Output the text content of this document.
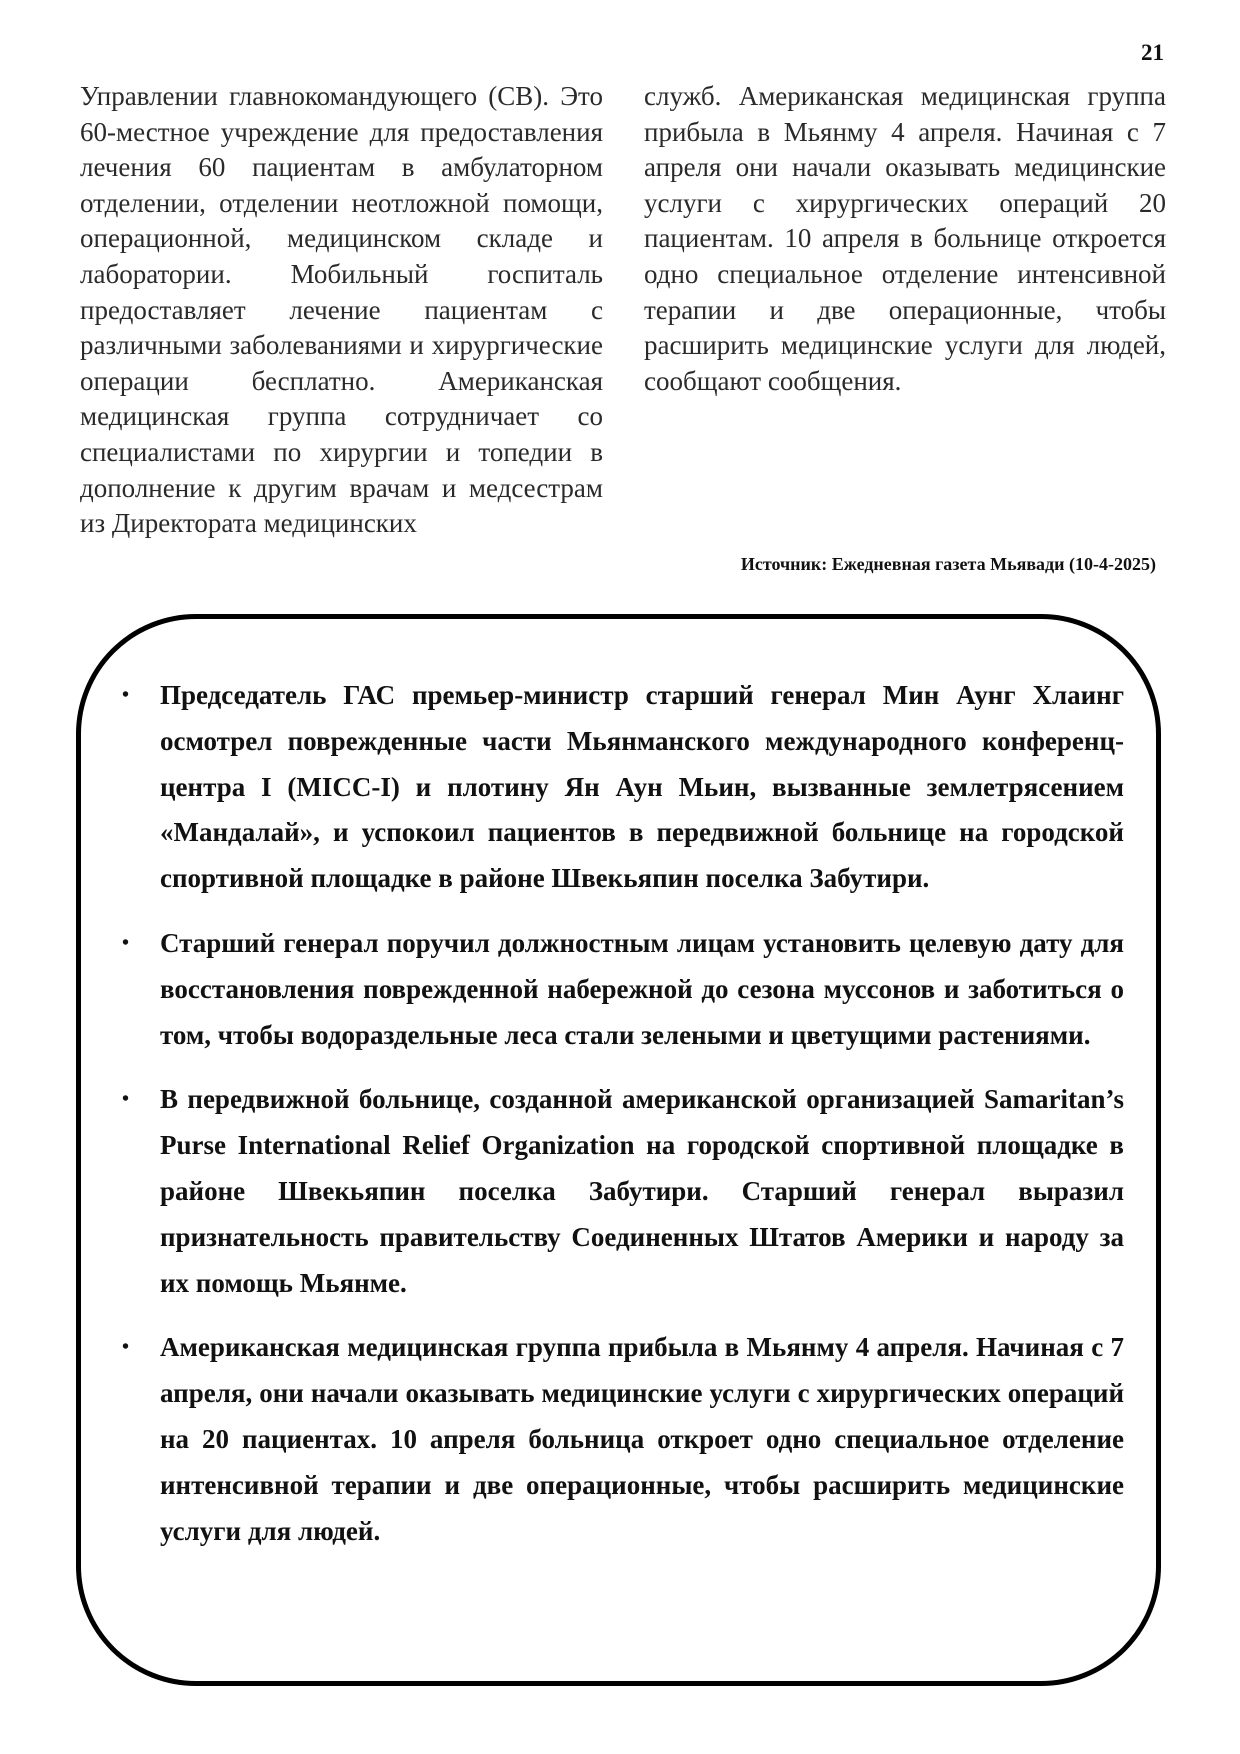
21
Управлении главнокомандующего (СВ). Это 60-местное учреждение для предоставления лечения 60 пациентам в амбулаторном отделении, отделении неотложной помощи, операционной, медицинском складе и лаборатории. Мобильный госпиталь предоставляет лечение пациентам с различными заболеваниями и хирургические операции бесплатно. Американская медицинская группа сотрудничает со специалистами по хирургии и топедии в дополнение к другим врачам и медсестрам из Директората медицинских
служб. Американская медицинская группа прибыла в Мьянму 4 апреля. Начиная с 7 апреля они начали оказывать медицинские услуги с хирургических операций 20 пациентам. 10 апреля в больнице откроется одно специальное отделение интенсивной терапии и две операционные, чтобы расширить медицинские услуги для людей, сообщают сообщения.
Источник: Ежедневная газета Мьявади (10-4-2025)
• Председатель ГАС премьер-министр старший генерал Мин Аунг Хлаинг осмотрел поврежденные части Мьянманского международного конференц-центра I (MICC-I) и плотину Ян Аун Мьин, вызванные землетрясением «Мандалай», и успокоил пациентов в передвижной больнице на городской спортивной площадке в районе Швекьяпин поселка Забутири.
• Старший генерал поручил должностным лицам установить целевую дату для восстановления поврежденной набережной до сезона муссонов и заботиться о том, чтобы водораздельные леса стали зелеными и цветущими растениями.
• В передвижной больнице, созданной американской организацией Samaritan’s Purse International Relief Organization на городской спортивной площадке в районе Швекьяпин поселка Забутири. Старший генерал выразил признательность правительству Соединенных Штатов Америки и народу за их помощь Мьянме.
• Американская медицинская группа прибыла в Мьянму 4 апреля. Начиная с 7 апреля, они начали оказывать медицинские услуги с хирургических операций на 20 пациентах. 10 апреля больница откроет одно специальное отделение интенсивной терапии и две операционные, чтобы расширить медицинские услуги для людей.
